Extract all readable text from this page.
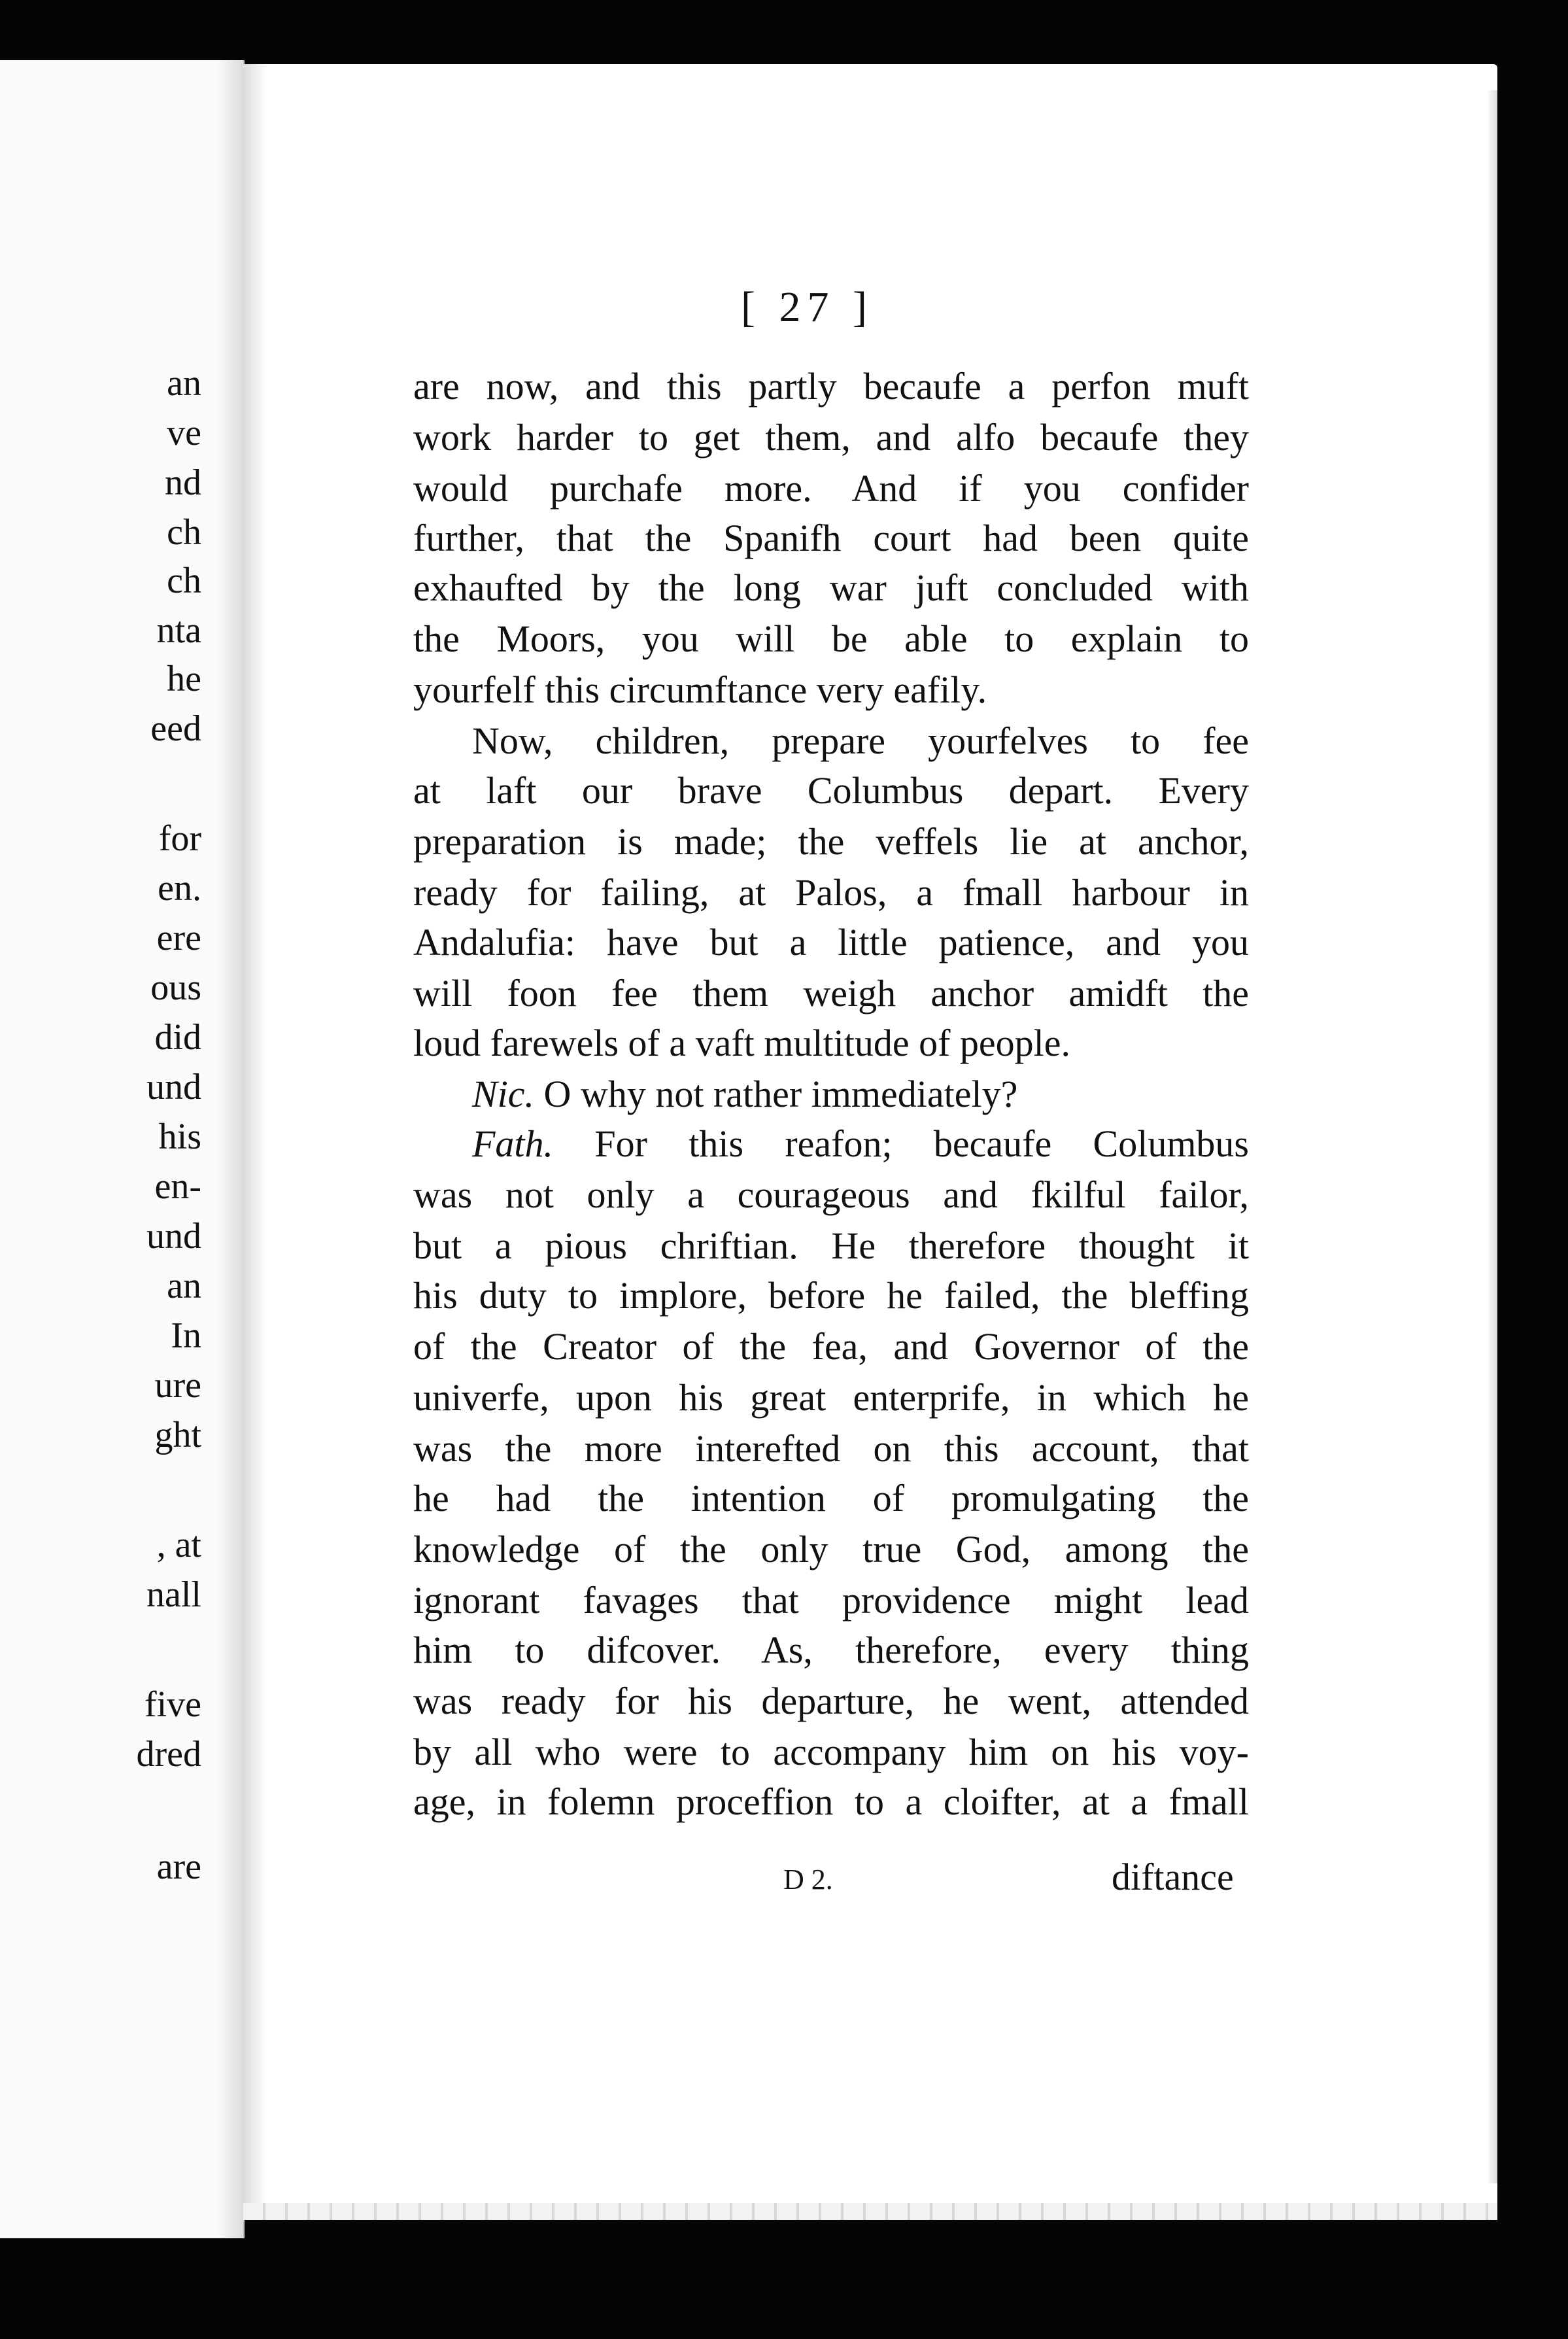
an
ve
nd
ch
ch
nta
he
eed
for
en.
ere
ous
did
und
his
en-
und
an
In
ure
ght
, at
nall
five
dred
are
[ 27 ]
are now, and this partly becaufe a perfon muft
work harder to get them, and alfo becaufe they
would purchafe more. And if you confider
further, that the Spanifh court had been quite
exhaufted by the long war juft concluded with
the Moors, you will be able to explain to
yourfelf this circumftance very eafily.
Now, children, prepare yourfelves to fee
at laft our brave Columbus depart. Every
preparation is made; the veffels lie at anchor,
ready for failing, at Palos, a fmall harbour in
Andalufia: have but a little patience, and you
will foon fee them weigh anchor amidft the
loud farewels of a vaft multitude of people.
Nic. O why not rather immediately?
Fath. For this reafon; becaufe Columbus
was not only a courageous and fkilful failor,
but a pious chriftian. He therefore thought it
his duty to implore, before he failed, the bleffing
of the Creator of the fea, and Governor of the
univerfe, upon his great enterprife, in which he
was the more interefted on this account, that
he had the intention of promulgating the
knowledge of the only true God, among the
ignorant favages that providence might lead
him to difcover. As, therefore, every thing
was ready for his departure, he went, attended
by all who were to accompany him on his voy-
age, in folemn proceffion to a cloifter, at a fmall
D 2.	diftance
